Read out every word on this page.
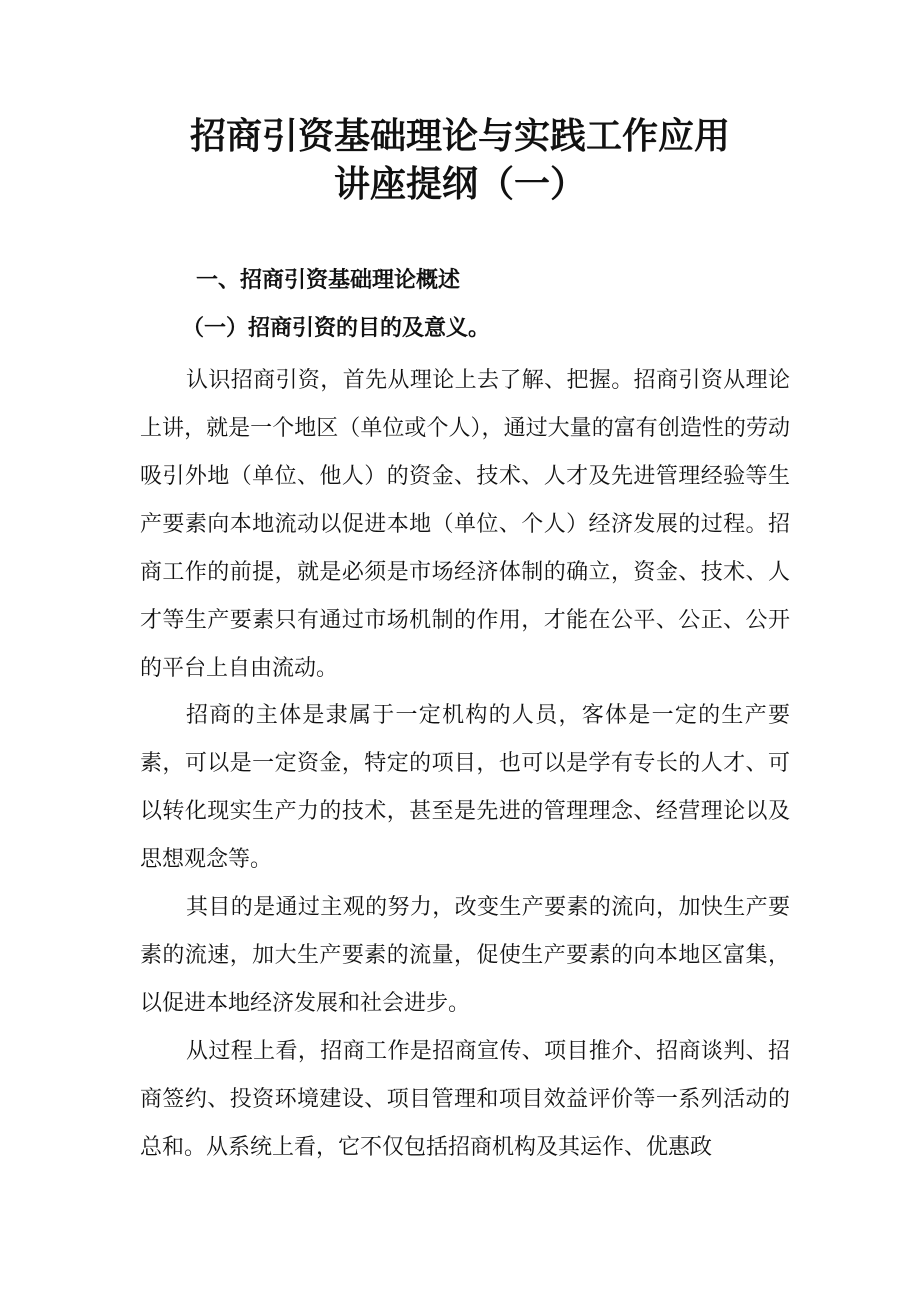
招商引资基础理论与实践工作应用
讲座提纲（一）
一、招商引资基础理论概述
（一）招商引资的目的及意义。

认识招商引资，首先从理论上去了解、把握。招商引资从理论上讲，就是一个地区（单位或个人），通过大量的富有创造性的劳动吸引外地（单位、他人）的资金、技术、人才及先进管理经验等生产要素向本地流动以促进本地（单位、个人）经济发展的过程。招商工作的前提，就是必须是市场经济体制的确立，资金、技术、人才等生产要素只有通过市场机制的作用，才能在公平、公正、公开的平台上自由流动。

招商的主体是隶属于一定机构的人员，客体是一定的生产要素，可以是一定资金，特定的项目，也可以是学有专长的人才、可以转化现实生产力的技术，甚至是先进的管理理念、经营理论以及思想观念等。

其目的是通过主观的努力，改变生产要素的流向，加快生产要素的流速，加大生产要素的流量，促使生产要素的向本地区富集，以促进本地经济发展和社会进步。

从过程上看，招商工作是招商宣传、项目推介、招商谈判、招商签约、投资环境建设、项目管理和项目效益评价等一系列活动的总和。从系统上看，它不仅包括招商机构及其运作、优惠政
